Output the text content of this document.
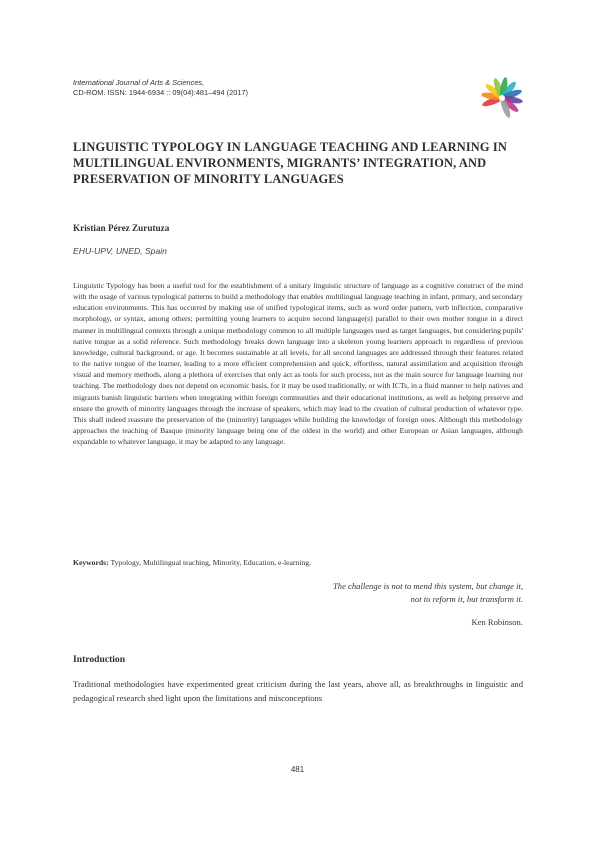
International Journal of Arts & Sciences,
CD-ROM. ISSN: 1944-6934 :: 09(04):481–494 (2017)
LINGUISTIC TYPOLOGY IN LANGUAGE TEACHING AND LEARNING IN MULTILINGUAL ENVIRONMENTS, MIGRANTS’ INTEGRATION, AND PRESERVATION OF MINORITY LANGUAGES
Kristian Pérez Zurutuza
EHU-UPV, UNED, Spain

Linguistic Typology has been a useful tool for the establishment of a unitary linguistic structure of language as a cognitive construct of the mind with the usage of various typological patterns to build a methodology that enables multilingual language teaching in infant, primary, and secondary education environments. This has occurred by making use of unified typological items, such as word order pattern, verb inflection, comparative morphology, or syntax, among others; permitting young learners to acquire second language(s) parallel to their own mother tongue in a direct manner in multilingual contexts through a unique methodology common to all multiple languages used as target languages, but considering pupils' native tongue as a solid reference. Such methodology breaks down language into a skeleton young learners approach to regardless of previous knowledge, cultural background, or age. It becomes sustainable at all levels, for all second languages are addressed through their features related to the native tongue of the learner, leading to a more efficient comprehension and quick, effortless, natural assimilation and acquisition through visual and memory methods, along a plethora of exercises that only act as tools for such process, not as the main source for language learning nor teaching. The methodology does not depend on economic basis, for it may be used traditionally, or with ICTs, in a fluid manner to help natives and migrants banish linguistic barriers when integrating within foreign communities and their educational institutions, as well as helping preserve and ensure the growth of minority languages through the increase of speakers, which may lead to the creation of cultural production of whatever type. This shall indeed reassure the preservation of the (minority) languages while building the knowledge of foreign ones. Although this methodology approaches the teaching of Basque (minority language being one of the oldest in the world) and other European or Asian languages, although expandable to whatever language, it may be adapted to any language.

Keywords: Typology, Multilingual teaching, Minority, Education, e-learning.
The challenge is not to mend this system, but change it,
not to reform it, but transform it.
Ken Robinson.
Introduction

Traditional methodologies have experimented great criticism during the last years, above all, as breakthroughs in linguistic and pedagogical research shed light upon the limitations and misconceptions

481
